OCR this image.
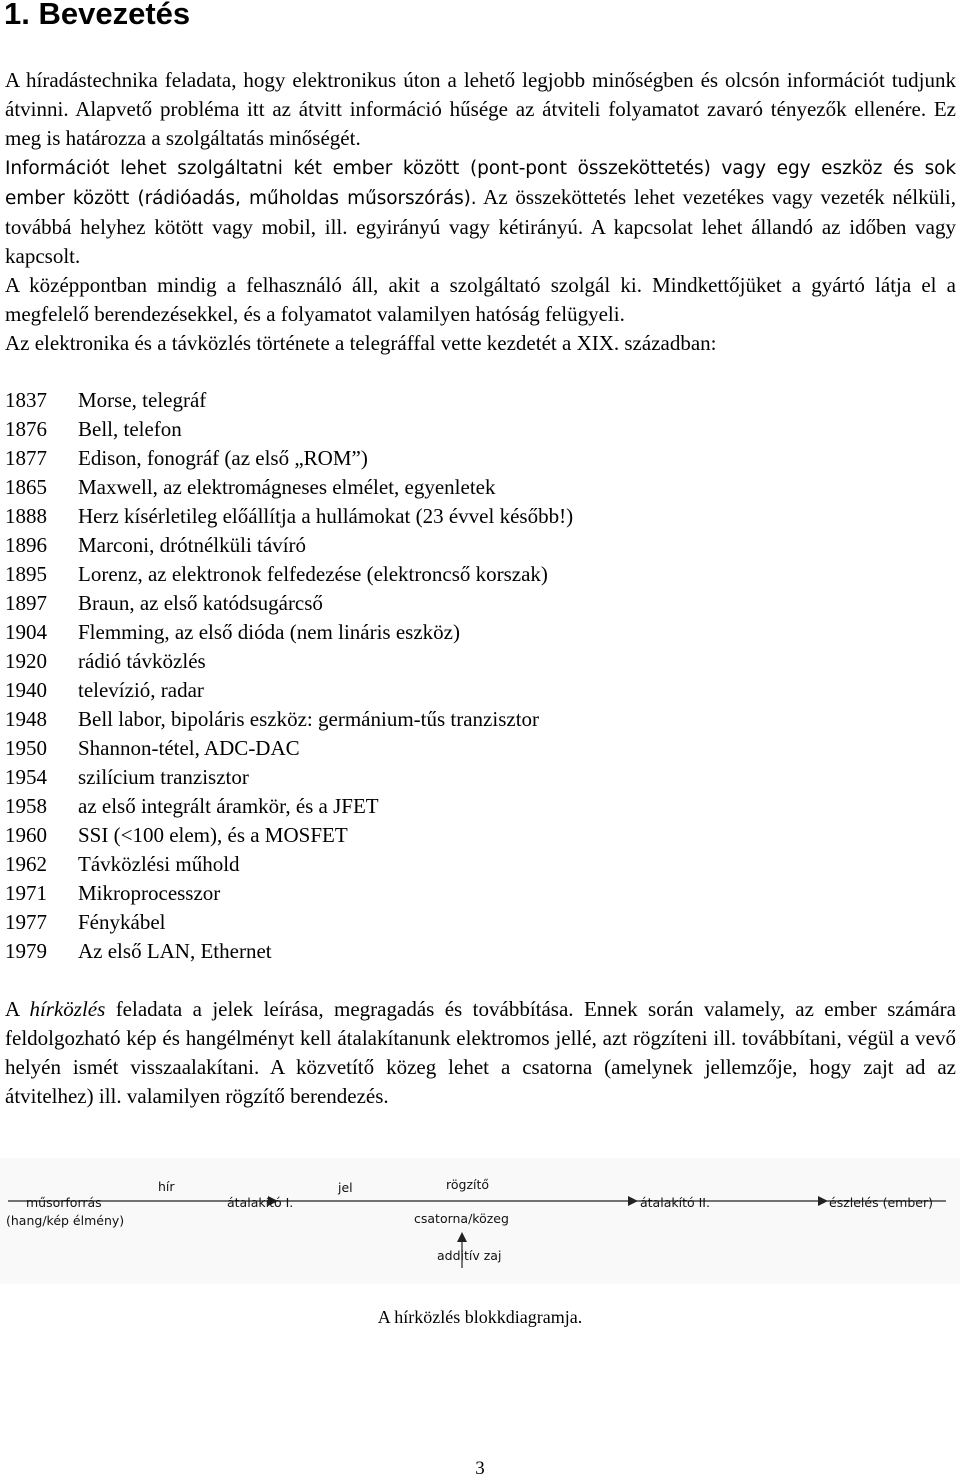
1. Bevezetés

A híradástechnika feladata, hogy elektronikus úton a lehető legjobb minőségben és olcsón információt tudjunk átvinni. Alapvető probléma itt az átvitt információ hűsége az átviteli folyamatot zavaró tényezők ellenére. Ez meg is határozza a szolgáltatás minőségét.

Információt lehet szolgáltatni két ember között (pont-pont összeköttetés) vagy egy eszköz és sok ember között (rádióadás, műholdas műsorszórás). Az összeköttetés lehet vezetékes vagy vezeték nélküli, továbbá helyhez kötött vagy mobil, ill. egyirányú vagy kétirányú. A kapcsolat lehet állandó az időben vagy kapcsolt.

A középpontban mindig a felhasználó áll, akit a szolgáltató szolgál ki. Mindkettőjüket a gyártó látja el a megfelelő berendezésekkel, és a folyamatot valamilyen hatóság felügyeli.

Az elektronika és a távközlés története a telegráffal vette kezdetét a XIX. században:

1837 Morse, telegráf
1876 Bell, telefon
1877 Edison, fonográf (az első „ROM”)
1865 Maxwell, az elektromágneses elmélet, egyenletek
1888 Herz kísérletileg előállítja a hullámokat (23 évvel később!)
1896 Marconi, drótnélküli távíró
1895 Lorenz, az elektronok felfedezése (elektroncső korszak)
1897 Braun, az első katódsugárcső
1904 Flemming, az első dióda (nem lináris eszköz)
1920 rádió távközlés
1940 televízió, radar
1948 Bell labor, bipoláris eszköz: germánium-tűs tranzisztor
1950 Shannon-tétel, ADC-DAC
1954 szilícium tranzisztor
1958 az első integrált áramkör, és a JFET
1960 SSI (<100 elem), és a MOSFET
1962 Távközlési műhold
1971 Mikroprocesszor
1977 Fénykábel
1979 Az első LAN, Ethernet

A hírközlés feladata a jelek leírása, megragadás és továbbítása. Ennek során valamely, az ember számára feldolgozható kép és hangélményt kell átalakítanunk elektromos jellé, azt rögzíteni ill. továbbítani, végül a vevő helyén ismét visszaalakítani. A közvetítő közeg lehet a csatorna (amelynek jellemzője, hogy zajt ad az átvitelhez) ill. valamilyen rögzítő berendezés.

hír
műsorforrás
(hang/kép élmény)
átalakító I.
jel	rögzítő
csatorna/közeg
additív zaj
átalakító II.	észlelés (ember)
A hírközlés blokkdiagramja.
3
